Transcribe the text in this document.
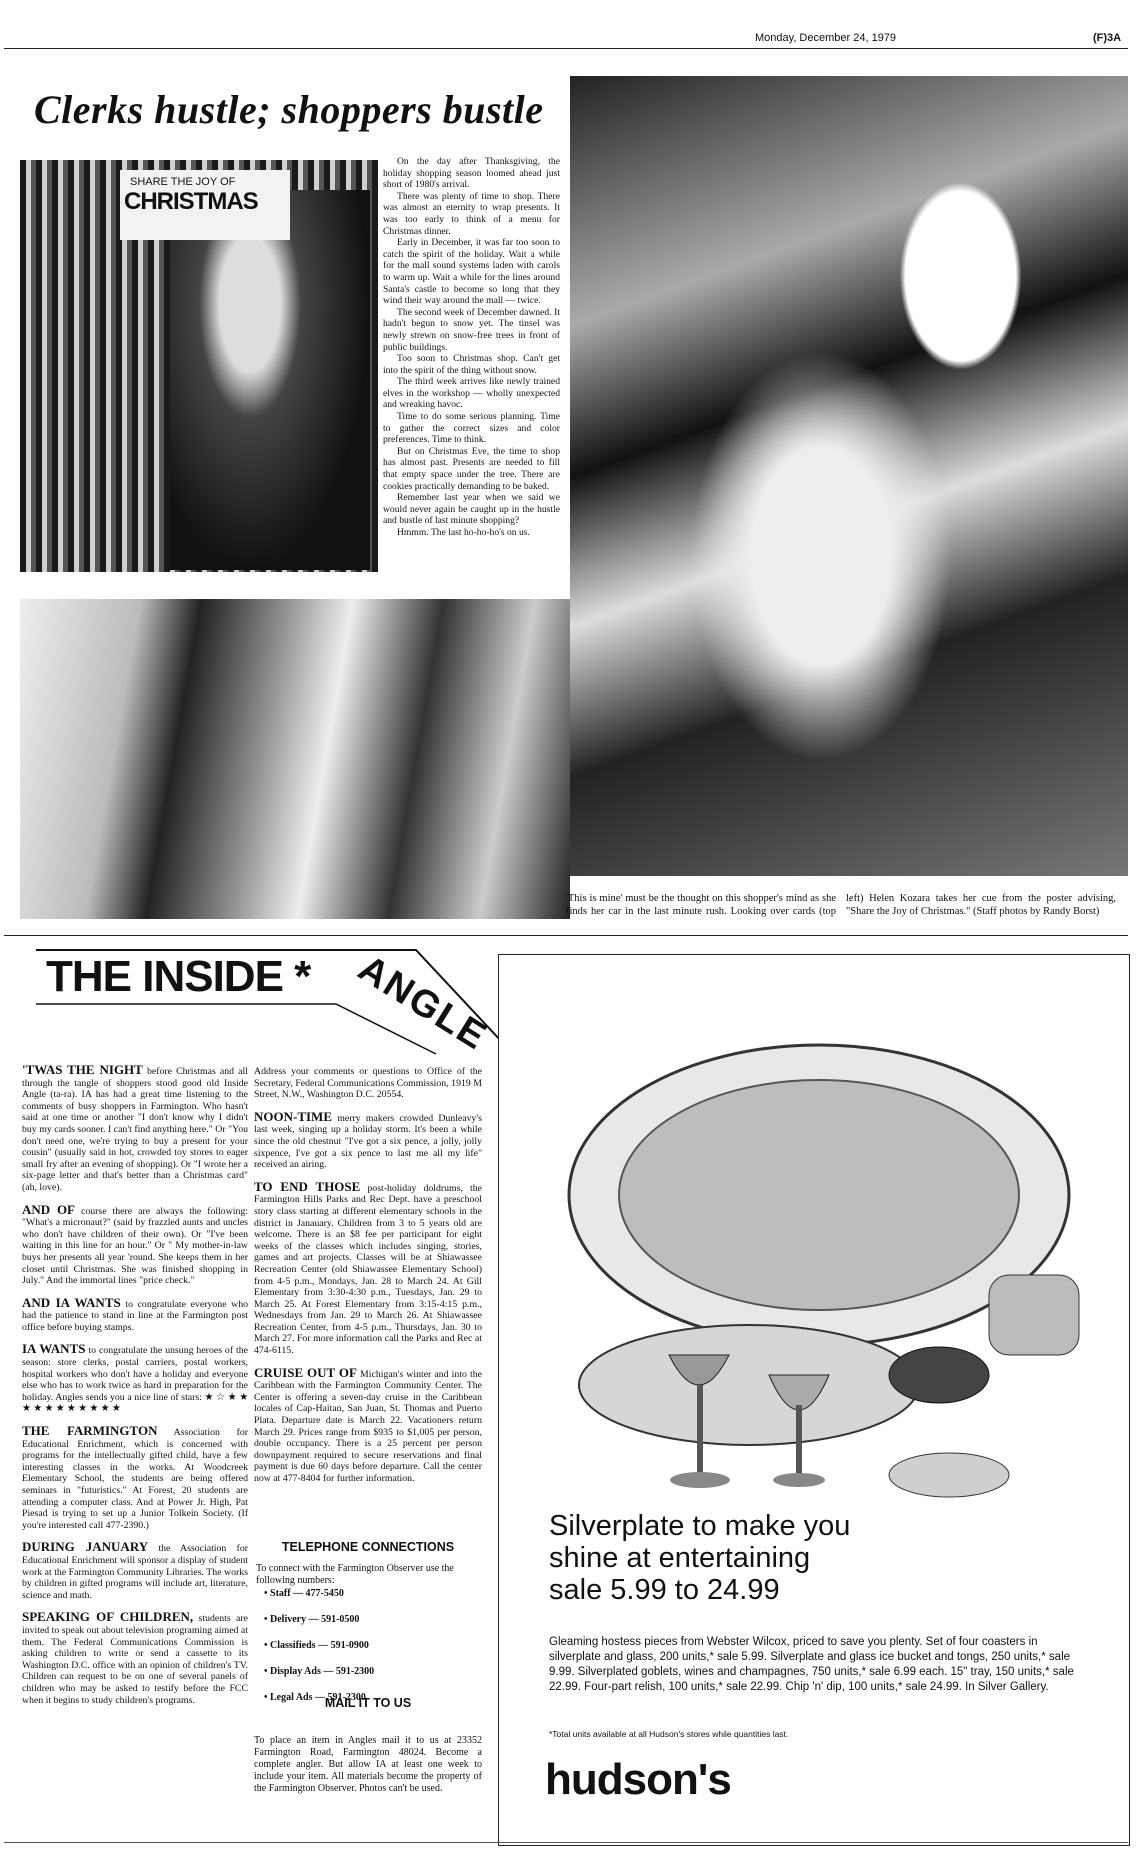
Monday, December 24, 1979	(F)3A
Clerks hustle; shoppers bustle
SHARE THE JOY OF
CHRISTMAS

On the day after Thanksgiving, the holiday shopping season loomed ahead just short of 1980's arrival.

There was plenty of time to shop. There was almost an eternity to wrap presents. It was too early to think of a menu for Christmas dinner.

Early in December, it was far too soon to catch the spirit of the holiday. Wait a while for the mall sound systems laden with carols to warm up. Wait a while for the lines around Santa's castle to become so long that they wind their way around the mall — twice.

The second week of December dawned. It hadn't begun to snow yet. The tinsel was newly strewn on snow-free trees in front of public buildings.

Too soon to Christmas shop. Can't get into the spirit of the thing without snow.

The third week arrives like newly trained elves in the workshop — wholly unexpected and wreaking havoc.

Time to do some serious planning. Time to gather the correct sizes and color preferences. Time to think.

But on Christmas Eve, the time to shop has almost past. Presents are needed to fill that empty space under the tree. There are cookies practically demanding to be baked.

Remember last year when we said we would never again be caught up in the hustle and bustle of last minute shopping?

Hmmm. The last ho-ho-ho's on us.

'This is mine' must be the thought on this shopper's mind as she finds her car in the last minute rush. Looking over cards (top left) Helen Kozara takes her cue from the poster advising, "Share the Joy of Christmas." (Staff photos by Randy Borst)
THE INSIDE * ANGLE

'TWAS THE NIGHT before Christmas and all through the tangle of shoppers stood good old Inside Angle (ta-ra). IA has had a great time listening to the comments of busy shoppers in Farmington. Who hasn't said at one time or another "I don't know why I didn't buy my cards sooner. I can't find anything here." Or "You don't need one, we're trying to buy a present for your cousin" (usually said in hot, crowded toy stores to eager small fry after an evening of shopping). Or "I wrote her a six-page letter and that's better than a Christmas card" (ah, love).

AND OF course there are always the following: "What's a micronaut?" (said by frazzled aunts and uncles who don't have children of their own). Or "I've been waiting in this line for an hour." Or " My mother-in-law buys her presents all year 'round. She keeps them in her closet until Christmas. She was finished shopping in July." And the immortal lines "price check."

AND IA WANTS to congratulate everyone who had the patience to stand in line at the Farmington post office before buying stamps.

IA WANTS to congratulate the unsung heroes of the season: store clerks, postal carriers, postal workers, hospital workers who don't have a holiday and everyone else who has to work twice as hard in preparation for the holiday. Angles sends you a nice line of stars: ★ ☆ ★ ★ ★ ★ ★ ★ ★ ★ ★ ★ ★

THE FARMINGTON Association for Educational Enrichment, which is concerned with programs for the intellectually gifted child, have a few interesting classes in the works. At Woodcreek Elementary School, the students are being offered seminars in "futuristics." At Forest, 20 students are attending a computer class. And at Power Jr. High, Pat Piesad is trying to set up a Junior Tolkein Society. (If you're interested call 477-2390.)

DURING JANUARY the Association for Educational Enrichment will sponsor a display of student work at the Farmington Community Libraries. The works by children in gifted programs will include art, literature, science and math.

SPEAKING OF CHILDREN, students are invited to speak out about television programing aimed at them. The Federal Communications Commission is asking children to write or send a cassette to its Washington D.C. office with an opinion of children's TV. Children can request to be on one of several panels of children who may be asked to testify before the FCC when it begins to study children's programs.

Address your comments or questions to Office of the Secretary, Federal Communications Commission, 1919 M Street, N.W., Washington D.C. 20554.

NOON-TIME merry makers crowded Dunleavy's last week, singing up a holiday storm. It's been a while since the old chestnut "I've got a six pence, a jolly, jolly sixpence, I've got a six pence to last me all my life" received an airing.

TO END THOSE post-holiday doldrums, the Farmington Hills Parks and Rec Dept. have a preschool story class starting at different elementary schools in the district in Janauary. Children from 3 to 5 years old are welcome. There is an $8 fee per participant for eight weeks of the classes which includes singing, stories, games and art projects. Classes will be at Shiawassee Recreation Center (old Shiawassee Elementary School) from 4-5 p.m., Mondays, Jan. 28 to March 24. At Gill Elementary from 3:30-4:30 p.m., Tuesdays, Jan. 29 to March 25. At Forest Elementary from 3:15-4:15 p.m., Wednesdays from Jan. 29 to March 26. At Shiawassee Recreation Center, from 4-5 p.m., Thursdays, Jan. 30 to March 27. For more information call the Parks and Rec at 474-6115.

CRUISE OUT OF Michigan's winter and into the Caribbean with the Farmington Community Center. The Center is offering a seven-day cruise in the Caribbean locales of Cap-Haitan, San Juan, St. Thomas and Puerto Plata. Departure date is March 22. Vacationers return March 29. Prices range from $935 to $1,005 per person, double occupancy. There is a 25 percent per person downpayment required to secure reservations and final payment is due 60 days before departure. Call the center now at 477-8404 for further information.

TELEPHONE CONNECTIONS
To connect with the Farmington Observer use the following numbers:
• Staff — 477-5450
• Delivery — 591-0500
• Classifieds — 591-0900
• Display Ads — 591-2300
• Legal Ads — 591-2300
MAIL IT TO US
To place an item in Angles mail it to us at 23352 Farmington Road, Farmington 48024. Become a complete angler. But allow IA at least one week to include your item. All materials become the property of the Farmington Observer. Photos can't be used.
Silverplate to make you
shine at entertaining
sale 5.99 to 24.99
Gleaming hostess pieces from Webster Wilcox, priced to save you plenty. Set of four coasters in silverplate and glass, 200 units,* sale 5.99. Silverplate and glass ice bucket and tongs, 250 units,* sale 9.99. Silverplated goblets, wines and champagnes, 750 units,* sale 6.99 each. 15" tray, 150 units,* sale 22.99. Four-part relish, 100 units,* sale 22.99. Chip 'n' dip, 100 units,* sale 24.99. In Silver Gallery.
*Total units available at all Hudson's stores while quantities last.
hudson's
